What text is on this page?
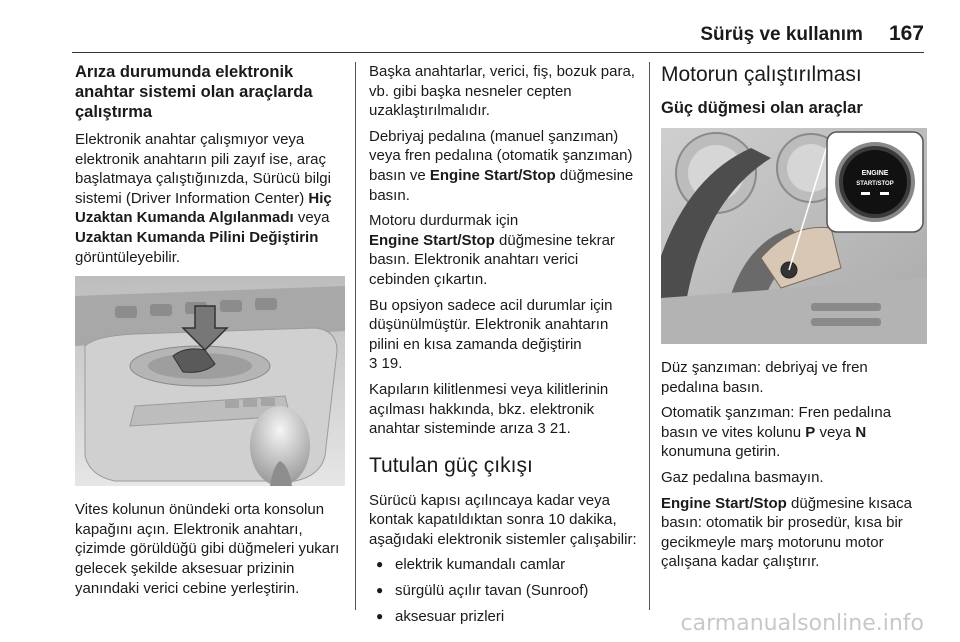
Sürüş ve kullanım 167
Arıza durumunda elektronik anahtar sistemi olan araçlarda çalıştırma

Elektronik anahtar çalışmıyor veya elektronik anahtarın pili zayıf ise, araç başlatmaya çalıştığınızda, Sürücü bilgi sistemi (Driver Information Center) Hiç Uzaktan Kumanda Algılanmadı veya Uzaktan Kumanda Pilini Değiştirin görüntüleyebilir.

Vites kolunun önündeki orta konsolun kapağını açın. Elektronik anahtarı, çizimde görüldüğü gibi düğmeleri yukarı gelecek şekilde aksesuar prizinin yanındaki verici cebine yerleştirin.

Başka anahtarlar, verici, fiş, bozuk para, vb. gibi başka nesneler cepten uzaklaştırılmalıdır.

Debriyaj pedalına (manuel şanzıman) veya fren pedalına (otomatik şanzıman) basın ve Engine Start/Stop düğmesine basın.

Motoru durdurmak için
Engine Start/Stop düğmesine tekrar basın. Elektronik anahtarı verici cebinden çıkartın.

Bu opsiyon sadece acil durumlar için düşünülmüştür. Elektronik anahtarın pilini en kısa zamanda değiştirin
3 19.

Kapıların kilitlenmesi veya kilitlerinin açılması hakkında, bkz. elektronik anahtar sisteminde arıza 3 21.

Tutulan güç çıkışı

Sürücü kapısı açılıncaya kadar veya kontak kapatıldıktan sonra 10 dakika, aşağıdaki elektronik sistemler çalışabilir:

● elektrik kumandalı camlar
● sürgülü açılır tavan (Sunroof)
● aksesuar prizleri
Motorun çalıştırılması
Güç düğmesi olan araçlar
ENGINE
START/STOP

Düz şanzıman: debriyaj ve fren pedalına basın.

Otomatik şanzıman: Fren pedalına basın ve vites kolunu P veya N konumuna getirin.

Gaz pedalına basmayın.

Engine Start/Stop düğmesine kısaca basın: otomatik bir prosedür, kısa bir gecikmeyle marş motorunu motor çalışana kadar çalıştırır.

carmanualsonline.info
